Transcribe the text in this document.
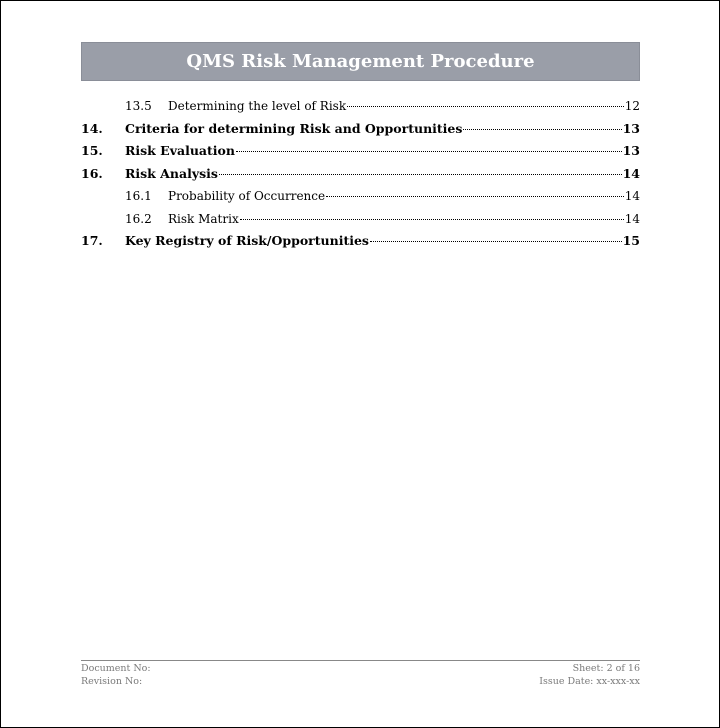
QMS Risk Management Procedure
13.5	Determining the level of Risk	12
14.	Criteria for determining Risk and Opportunities	13
15.	Risk Evaluation	13
16.	Risk Analysis	14
16.1	Probability of Occurrence	14
16.2	Risk Matrix	14
17.	Key Registry of Risk/Opportunities	15
Document No:	Sheet: 2 of 16
Revision No:	Issue Date: xx-xxx-xx
